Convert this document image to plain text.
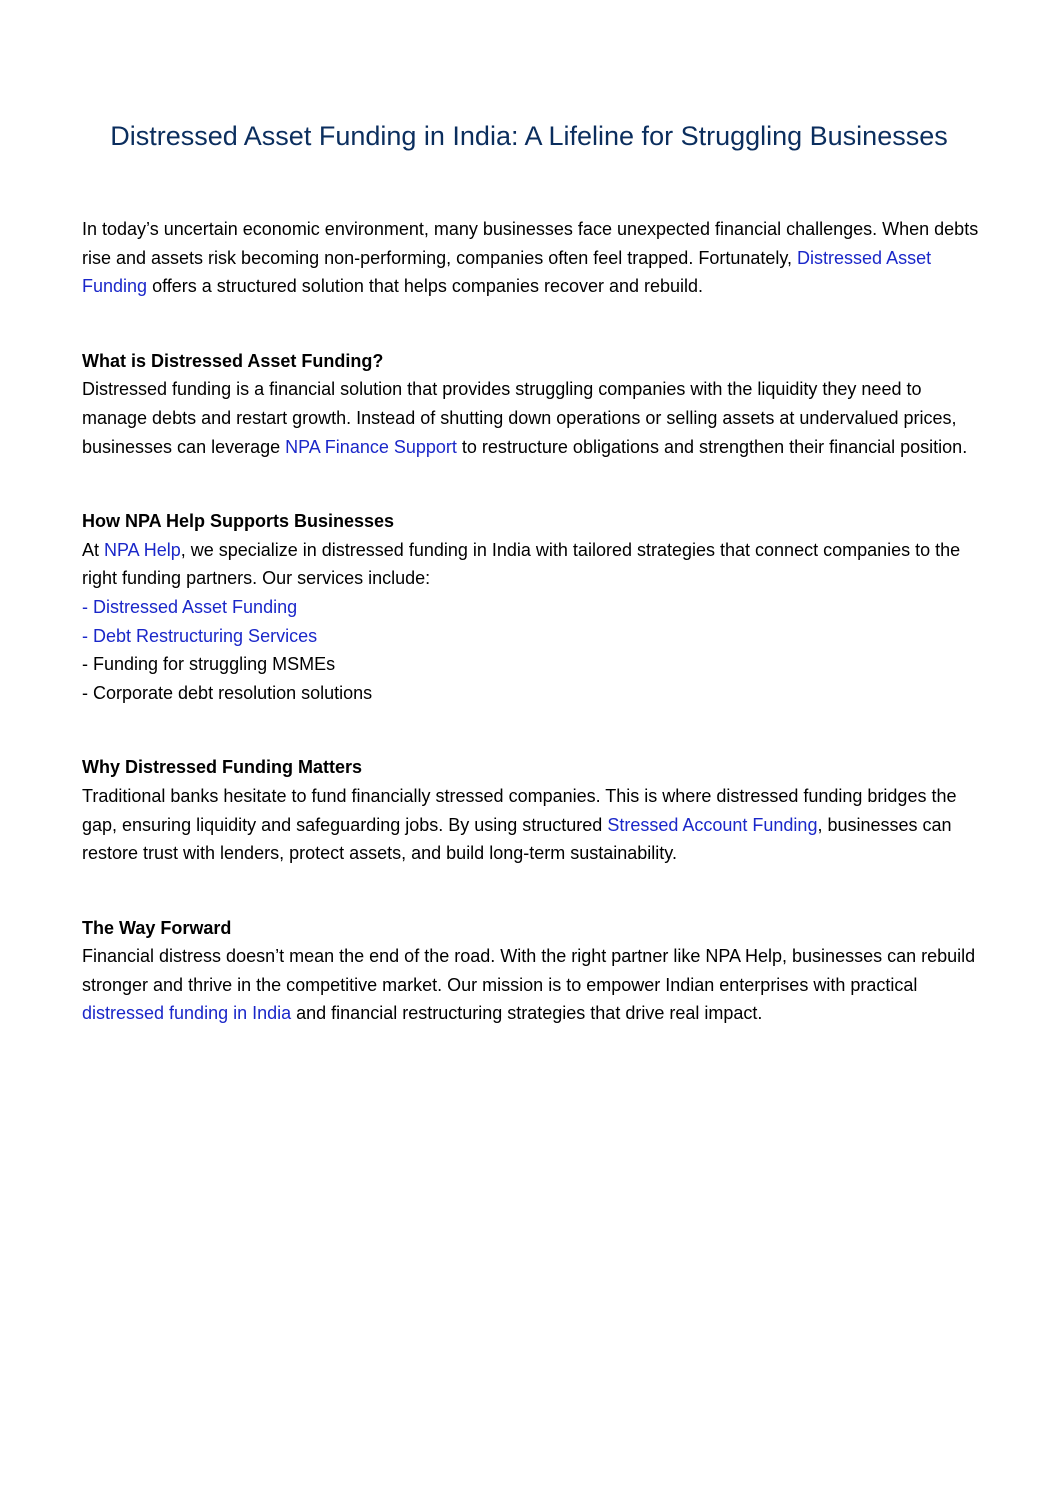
Distressed Asset Funding in India: A Lifeline for Struggling Businesses

In today’s uncertain economic environment, many businesses face unexpected financial challenges. When debts rise and assets risk becoming non-performing, companies often feel trapped. Fortunately, Distressed Asset Funding offers a structured solution that helps companies recover and rebuild.

What is Distressed Asset Funding?

Distressed funding is a financial solution that provides struggling companies with the liquidity they need to manage debts and restart growth. Instead of shutting down operations or selling assets at undervalued prices, businesses can leverage NPA Finance Support to restructure obligations and strengthen their financial position.

How NPA Help Supports Businesses

At NPA Help, we specialize in distressed funding in India with tailored strategies that connect companies to the right funding partners. Our services include:

- Distressed Asset Funding
- Debt Restructuring Services
- Funding for struggling MSMEs
- Corporate debt resolution solutions

Why Distressed Funding Matters

Traditional banks hesitate to fund financially stressed companies. This is where distressed funding bridges the gap, ensuring liquidity and safeguarding jobs. By using structured Stressed Account Funding, businesses can restore trust with lenders, protect assets, and build long-term sustainability.

The Way Forward

Financial distress doesn’t mean the end of the road. With the right partner like NPA Help, businesses can rebuild stronger and thrive in the competitive market. Our mission is to empower Indian enterprises with practical distressed funding in India and financial restructuring strategies that drive real impact.
